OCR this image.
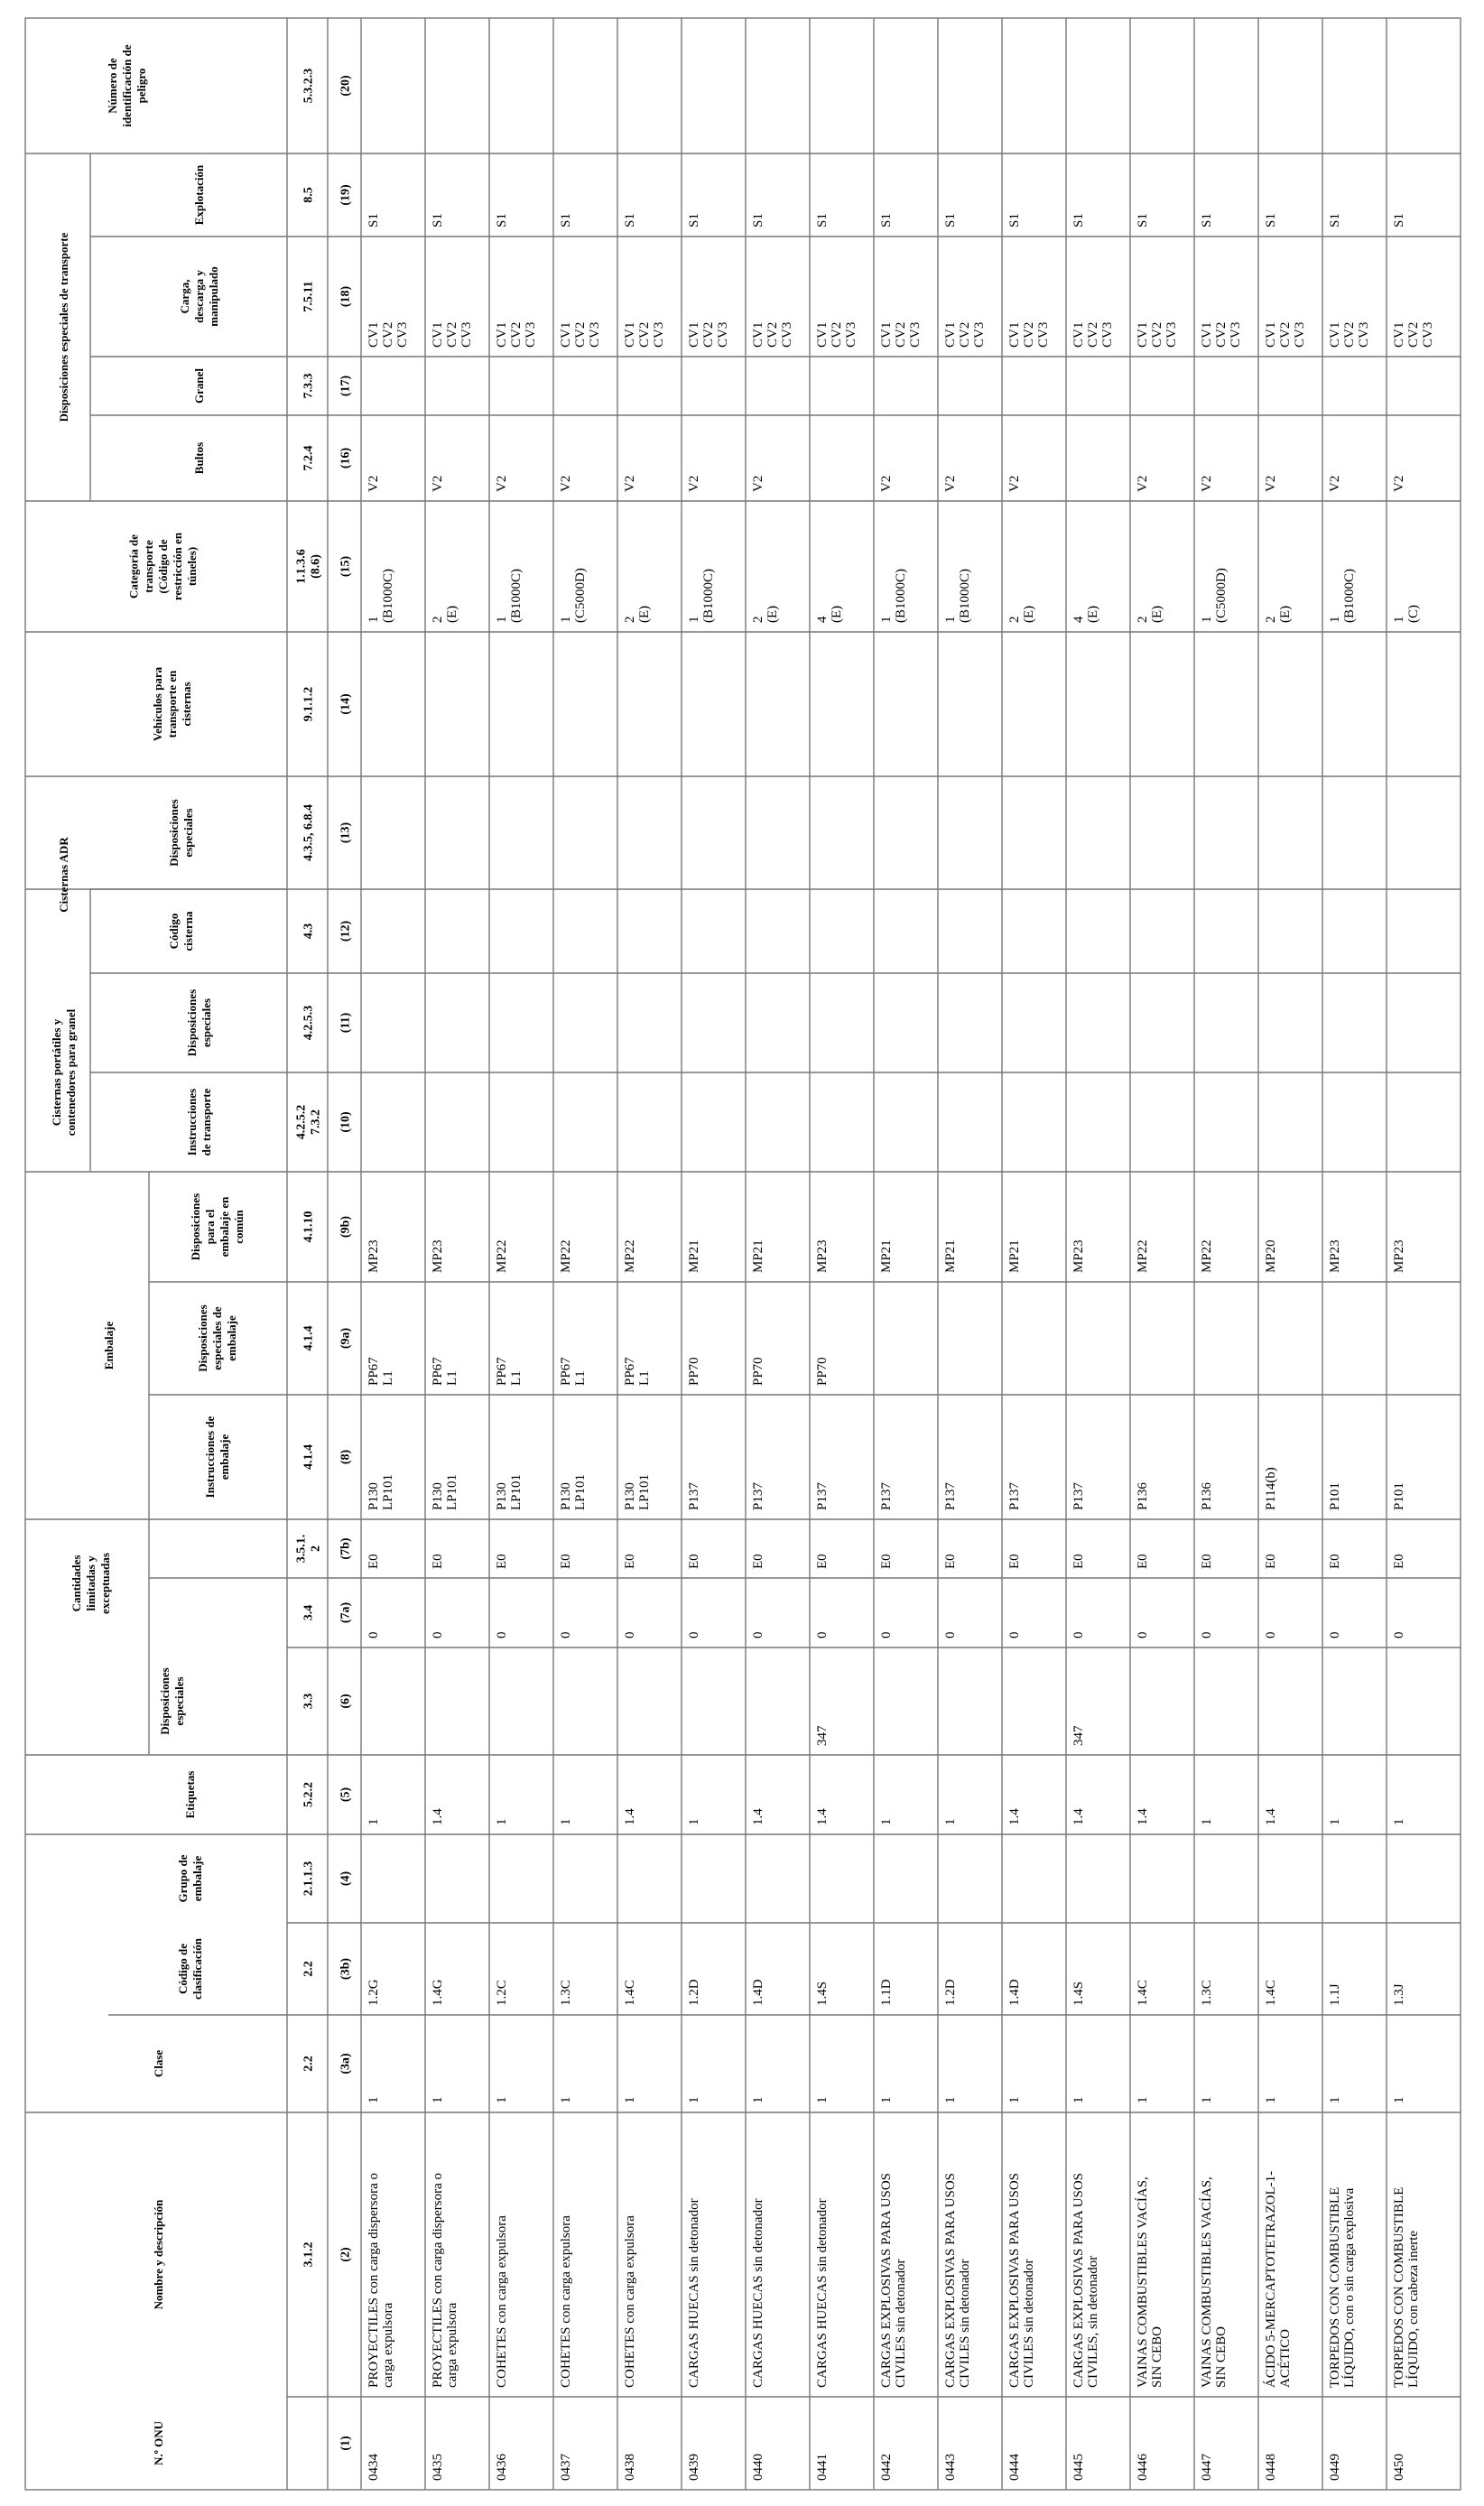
N.º ONU
Nombre y descripción
Clase
Código declasificación
Grupo deembalaje
Etiquetas
Disposicionesespeciales
Cantidadeslimitadas yexceptuadas
Embalaje
Instrucciones deembalaje
Disposicionesespeciales deembalaje
Disposicionespara elembalaje encomún
Cisternas portátiles ycontenedores para granel	Instruccionesde transporte
Disposicionesespeciales
Cisternas ADR
Códigocisterna
Disposicionesespeciales
Vehículos paratransporte encisternas
Categoría detransporte(Código derestricción entúneles)
Disposiciones especiales de transporte
Bultos
Granel
Carga,descarga ymanipulado
Explotación
Número deidentificación depeligro
(1)
3.1.2 (2)
2.2 (3a)
2.2 (3b)
2.1.1.3 (4)
5.2.2 (5)
3.3 (6)
3.4 (7a)
3.5.1.2 (7b)
4.1.4 (8)
4.1.4 (9a)
4.1.10 (9b)
4.2.5.27.3.2 (10)
4.2.5.3 (11)
4.3 (12)
4.3.5, 6.8.4 (13)
9.1.1.2 (14)
1.1.3.6(8.6) (15)
7.2.4 (16)
7.3.3 (17)
7.5.11 (18)
8.5 (19)
5.3.2.3 (20)
0434
PROYECTILES con carga dispersora ocarga expulsora
1
1.2G
1
0
E0
P130LP101
PP67L1
MP23
1(B1000C)
V2
CV1CV2CV3
S1
0435
PROYECTILES con carga dispersora ocarga expulsora
1
1.4G
1.4
0
E0
P130LP101
PP67L1
MP23
2(E)
V2
CV1CV2CV3
S1
0436
COHETES con carga expulsora
1
1.2C
1
0
E0
P130LP101
PP67L1
MP22
1(B1000C)
V2
CV1CV2CV3
S1
0437
COHETES con carga expulsora
1
1.3C
1
0
E0
P130LP101
PP67L1
MP22
1(C5000D)
V2
CV1CV2CV3
S1
0438
COHETES con carga expulsora
1
1.4C
1.4
0
E0
P130LP101
PP67L1
MP22
2(E)
V2
CV1CV2CV3
S1
0439
CARGAS HUECAS sin detonador
1
1.2D
1
0
E0
P137
PP70
MP21
1(B1000C)
V2
CV1CV2CV3
S1
0440
CARGAS HUECAS sin detonador
1
1.4D
1.4
0
E0
P137
PP70
MP21
2(E)
V2
CV1CV2CV3
S1
0441
CARGAS HUECAS sin detonador
1
1.4S
1.4
347
0
E0
P137
PP70
MP23
4(E)
CV1CV2CV3
S1
0442
CARGAS EXPLOSIVAS PARA USOSCIVILES sin detonador
1
1.1D
1
0
E0
P137
MP21
1(B1000C)
V2
CV1CV2CV3
S1
0443
CARGAS EXPLOSIVAS PARA USOSCIVILES sin detonador
1
1.2D
1
0
E0
P137
MP21
1(B1000C)
V2
CV1CV2CV3
S1
0444
CARGAS EXPLOSIVAS PARA USOSCIVILES sin detonador
1
1.4D
1.4
0
E0
P137
MP21
2(E)
V2
CV1CV2CV3
S1
0445
CARGAS EXPLOSIVAS PARA USOSCIVILES, sin detonador
1
1.4S
1.4
347
0
E0
P137
MP23
4(E)
CV1CV2CV3
S1
0446
VAINAS COMBUSTIBLES VACÍAS,SIN CEBO
1
1.4C
1.4
0
E0
P136
MP22
2(E)
V2
CV1CV2CV3
S1
0447
VAINAS COMBUSTIBLES VACÍAS,SIN CEBO
1
1.3C
1
0
E0
P136
MP22
1(C5000D)
V2
CV1CV2CV3
S1
0448
ÁCIDO 5-MERCAPTOTETRAZOL-1-ACÉTICO
1
1.4C
1.4
0
E0
P114(b)
MP20
2(E)
V2
CV1CV2CV3
S1
0449
TORPEDOS CON COMBUSTIBLELÍQUIDO, con o sin carga explosiva
1
1.1J
1
0
E0
P101
MP23
1(B1000C)
V2
CV1CV2CV3
S1
0450
TORPEDOS CON COMBUSTIBLELÍQUIDO, con cabeza inerte
1
1.3J
1
0
E0
P101
MP23
1(C)
V2
CV1CV2CV3
S1
